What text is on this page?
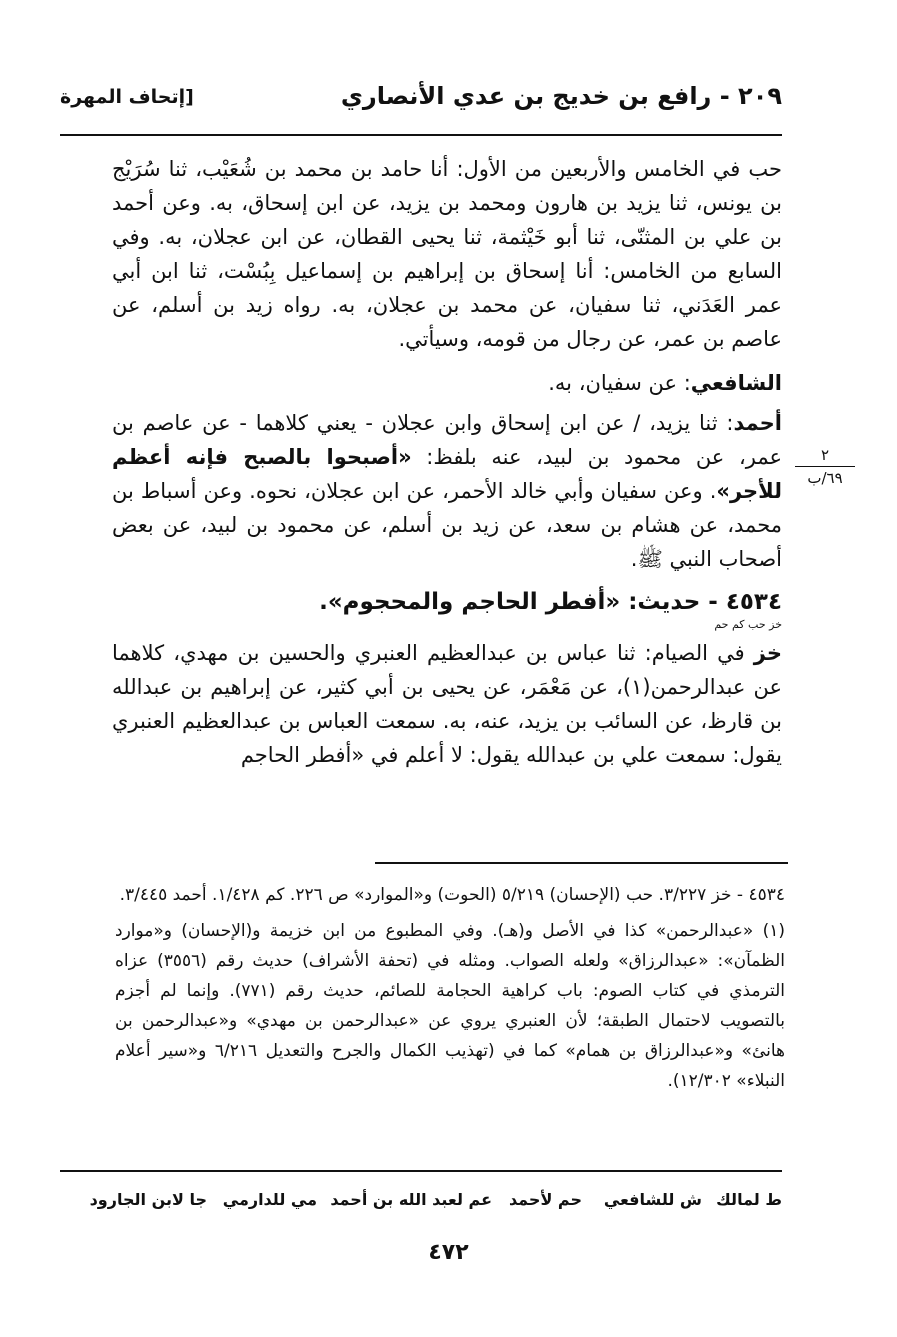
٢٠٩ - رافع بن خديج بن عدي الأنصاري
[إتحاف المهرة
٢
٦٩/ب

حب في الخامس والأربعين من الأول: أنا حامد بن محمد بن شُعَيْب، ثنا سُرَيْج بن يونس، ثنا يزيد بن هارون ومحمد بن يزيد، عن ابن إسحاق، به. وعن أحمد بن علي بن المثنّى، ثنا أبو خَيْثمة، ثنا يحيى القطان، عن ابن عجلان، به. وفي السابع من الخامس: أنا إسحاق بن إبراهيم بن إسماعيل بِبُسْت، ثنا ابن أبي عمر العَدَني، ثنا سفيان، عن محمد بن عجلان، به. رواه زيد بن أسلم، عن عاصم بن عمر، عن رجال من قومه، وسيأتي.

الشافعي: عن سفيان، به.

أحمد: ثنا يزيد، / عن ابن إسحاق وابن عجلان - يعني كلاهما - عن عاصم بن عمر، عن محمود بن لبيد، عنه بلفظ: «أصبحوا بالصبح فإنه أعظم للأجر». وعن سفيان وأبي خالد الأحمر، عن ابن عجلان، نحوه. وعن أسباط بن محمد، عن هشام بن سعد، عن زيد بن أسلم، عن محمود بن لبيد، عن بعض أصحاب النبي ﷺ.

٤٥٣٤ - حديث: «أفطر الحاجم والمحجوم».
خز حب كم حم

خز في الصيام: ثنا عباس بن عبدالعظيم العنبري والحسين بن مهدي، كلاهما عن عبدالرحمن(١)، عن مَعْمَر، عن يحيى بن أبي كثير، عن إبراهيم بن عبدالله بن قارظ، عن السائب بن يزيد، عنه، به. سمعت العباس بن عبدالعظيم العنبري يقول: سمعت علي بن عبدالله يقول: لا أعلم في «أفطر الحاجم

٤٥٣٤ - خز ٣/٢٢٧. حب (الإحسان) ٥/٢١٩ (الحوت) و«الموارد» ص ٢٢٦. كم ١/٤٢٨. أحمد ٣/٤٤٥.

(١) «عبدالرحمن» كذا في الأصل و(هـ). وفي المطبوع من ابن خزيمة و(الإحسان) و«موارد الظمآن»: «عبدالرزاق» ولعله الصواب. ومثله في (تحفة الأشراف) حديث رقم (٣٥٥٦) عزاه الترمذي في كتاب الصوم: باب كراهية الحجامة للصائم، حديث رقم (٧٧١). وإنما لم أجزم بالتصويب لاحتمال الطبقة؛ لأن العنبري يروي عن «عبدالرحمن بن مهدي» و«عبدالرحمن بن هانئ» و«عبدالرزاق بن همام» كما في (تهذيب الكمال والجرح والتعديل ٦/٢١٦ و«سير أعلام النبلاء» ١٢/٣٠٢).

ط لمالك
ش للشافعي
حم لأحمد
عم لعبد الله بن أحمد
مي للدارمي
جا لابن الجارود
٤٧٢
